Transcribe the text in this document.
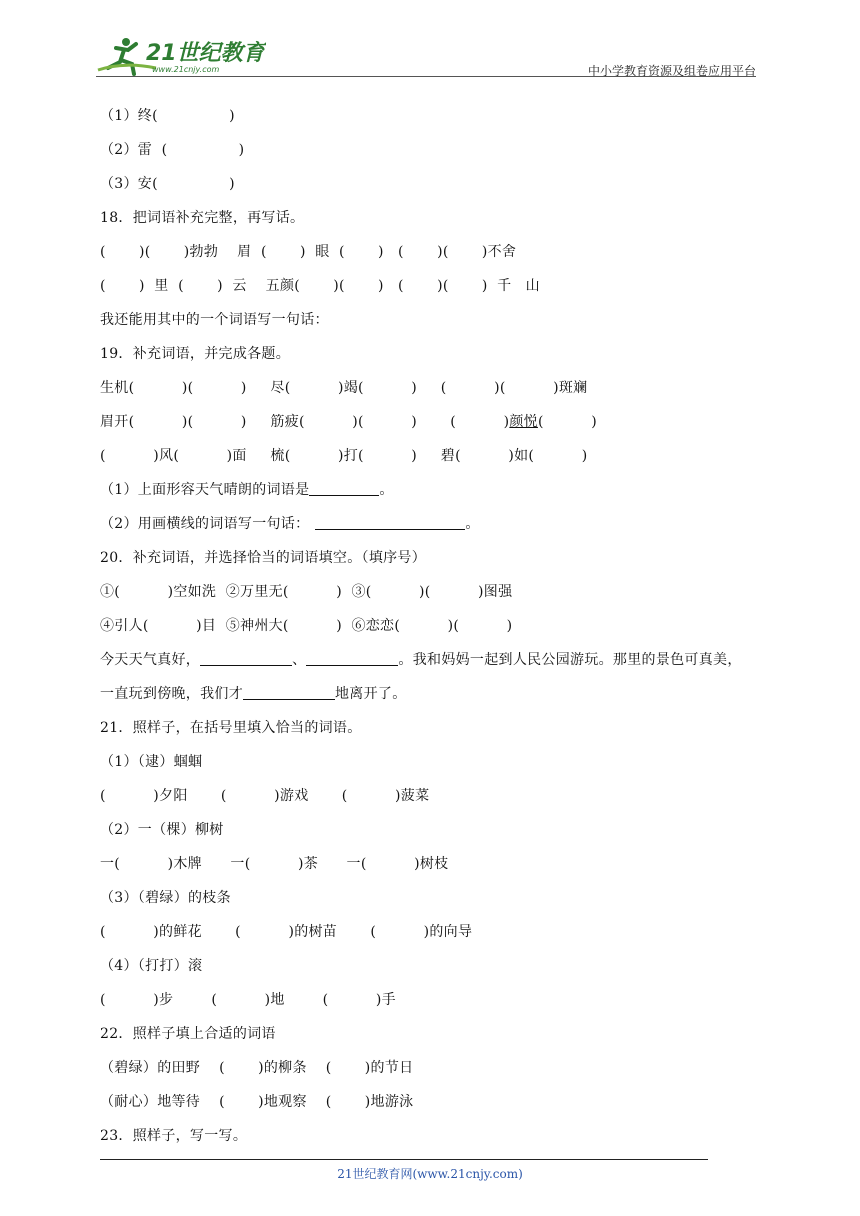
21世纪教育
www.21cnjy.com	中小学教育资源及组卷应用平台
（1）终(               )
（2）雷  (               )
（3）安(               )
18．把词语补充完整，再写话。
(       )(       )勃勃    眉  (       )  眼  (       )   (       )(       )不舍
(       )  里  (       )  云    五颜(       )(       )   (       )(       )  千   山
我还能用其中的一个词语写一句话：
19．补充词语，并完成各题。
生机(          )(          )     尽(          )竭(          )     (          )(          )斑斓
眉开(          )(          )     筋疲(          )(          )       (          )颜悦(          )
(          )风(          )面     梳(          )打(          )     碧(          )如(          )
（1）上面形容天气晴朗的词语是	。
（2）用画横线的词语写一句话：	。
20．补充词语，并选择恰当的词语填空。（填序号）
①(          )空如洗  ②万里无(          )  ③(          )(          )图强
④引人(          )目  ⑤神州大(          )  ⑥恋恋(          )(          )
今天天气真好，	、	。我和妈妈一起到人民公园游玩。那里的景色可真美，
一直玩到傍晚，我们才	地离开了。
21．照样子，在括号里填入恰当的词语。
（1）（逮）蝈蝈
(          )夕阳       (          )游戏       (          )菠菜
（2）一（棵）柳树
一(          )木牌      一(          )茶      一(          )树枝
（3）（碧绿）的枝条
(          )的鲜花       (          )的树苗       (          )的向导
（4）（打打）滚
(          )步        (          )地        (          )手
22．照样子填上合适的词语
（碧绿）的田野    (       )的柳条    (       )的节日
（耐心）地等待    (       )地观察    (       )地游泳
23．照样子，写一写。
21世纪教育网(www.21cnjy.com)
